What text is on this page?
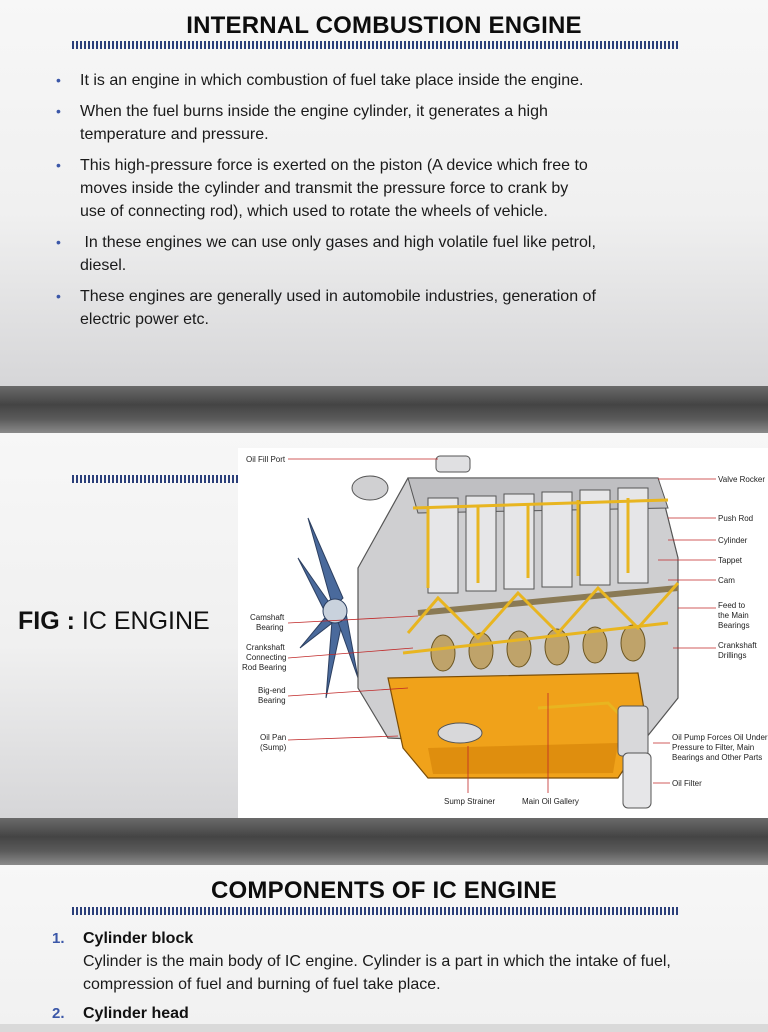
INTERNAL COMBUSTION ENGINE
• It is an engine in which combustion of fuel take place inside the engine.
• When the fuel burns inside the engine cylinder, it generates a high temperature and pressure.
• This high-pressure force is exerted on the piston (A device which free to moves inside the cylinder and transmit the pressure force to crank by use of connecting rod), which used to rotate the wheels of vehicle.
• In these engines we can use only gases and high volatile fuel like petrol, diesel.
• These engines are generally used in automobile industries, generation of electric power etc.
FIG : IC ENGINE
Oil Fill Port
Valve Rocker
Push Rod
Cylinder
Tappet
Cam
Feed to
the Main
Bearings
Crankshaft
Drillings
Camshaft
Bearing
Crankshaft
Connecting
Rod Bearing
Big-end
Bearing
Oil Pan
(Sump)
Oil Pump Forces Oil Under
Pressure to Filter, Main
Bearings and Other Parts
Oil Filter
Sump Strainer	Main Oil Gallery
COMPONENTS OF IC ENGINE
1. Cylinder block
Cylinder is the main body of IC engine. Cylinder is a part in which the intake of fuel, compression of fuel and burning of fuel take place.
2. Cylinder head
